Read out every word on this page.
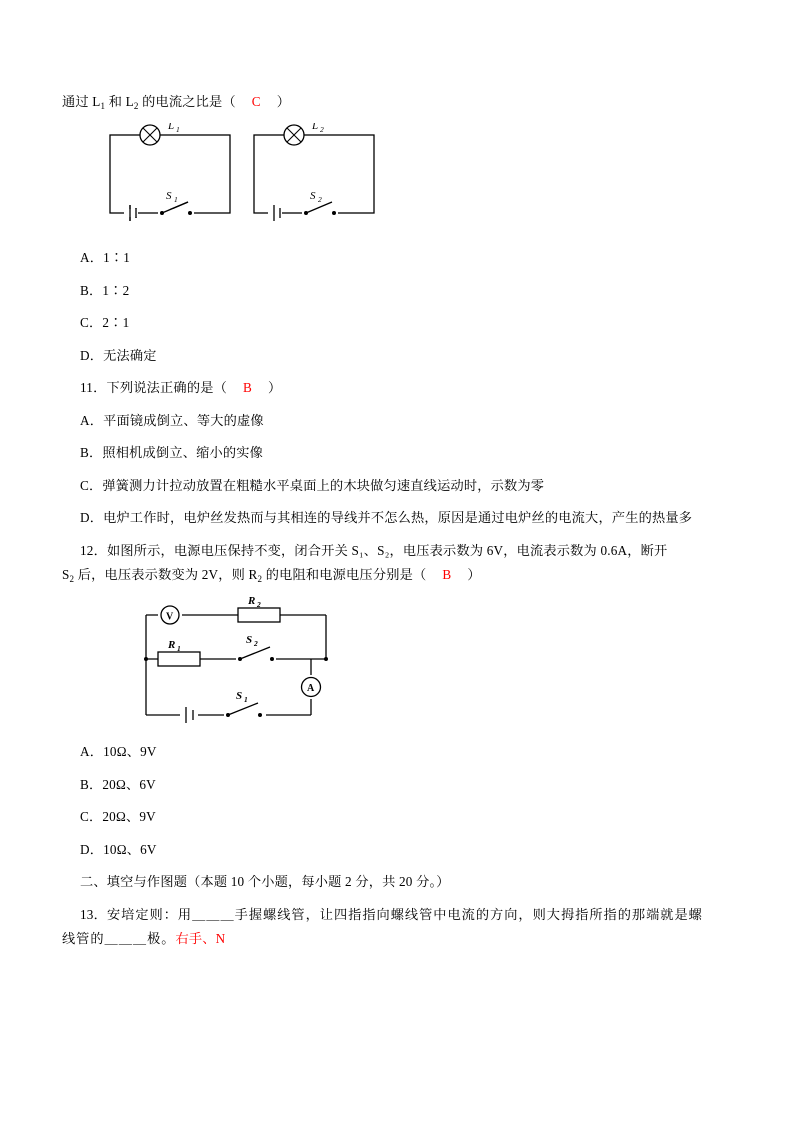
通过 $L_1$ 和 $L_2$ 的电流之比是（ C ）
L 1
S 1
L 2
S 2
A．1∶1
B．1∶2
C．2∶1
D．无法确定
11．下列说法正确的是（ B ）
A．平面镜成倒立、等大的虚像
B．照相机成倒立、缩小的实像
C．弹簧测力计拉动放置在粗糙水平桌面上的木块做匀速直线运动时，示数为零
D．电炉工作时，电炉丝发热而与其相连的导线并不怎么热，原因是通过电炉丝的电流大，产生的热量多
12．如图所示，电源电压保持不变，闭合开关 S₁、S₂，电压表示数为 6V，电流表示数为 0.6A，断开
$S_2$ 后，电压表示数变为 2V，则 $R_2$ 的电阻和电源电压分别是（ B ）
V
R 2
R 1
S 2
A
S 1
A．10Ω、9V
B．20Ω、6V
C．20Ω、9V
D．10Ω、6V
二、填空与作图题（本题 10 个小题，每小题 2 分，共 20 分。）
13．安培定则：用＿＿＿手握螺线管，让四指指向螺线管中电流的方向，则大拇指所指的那端就是螺
线管的＿＿＿极。右手、N
